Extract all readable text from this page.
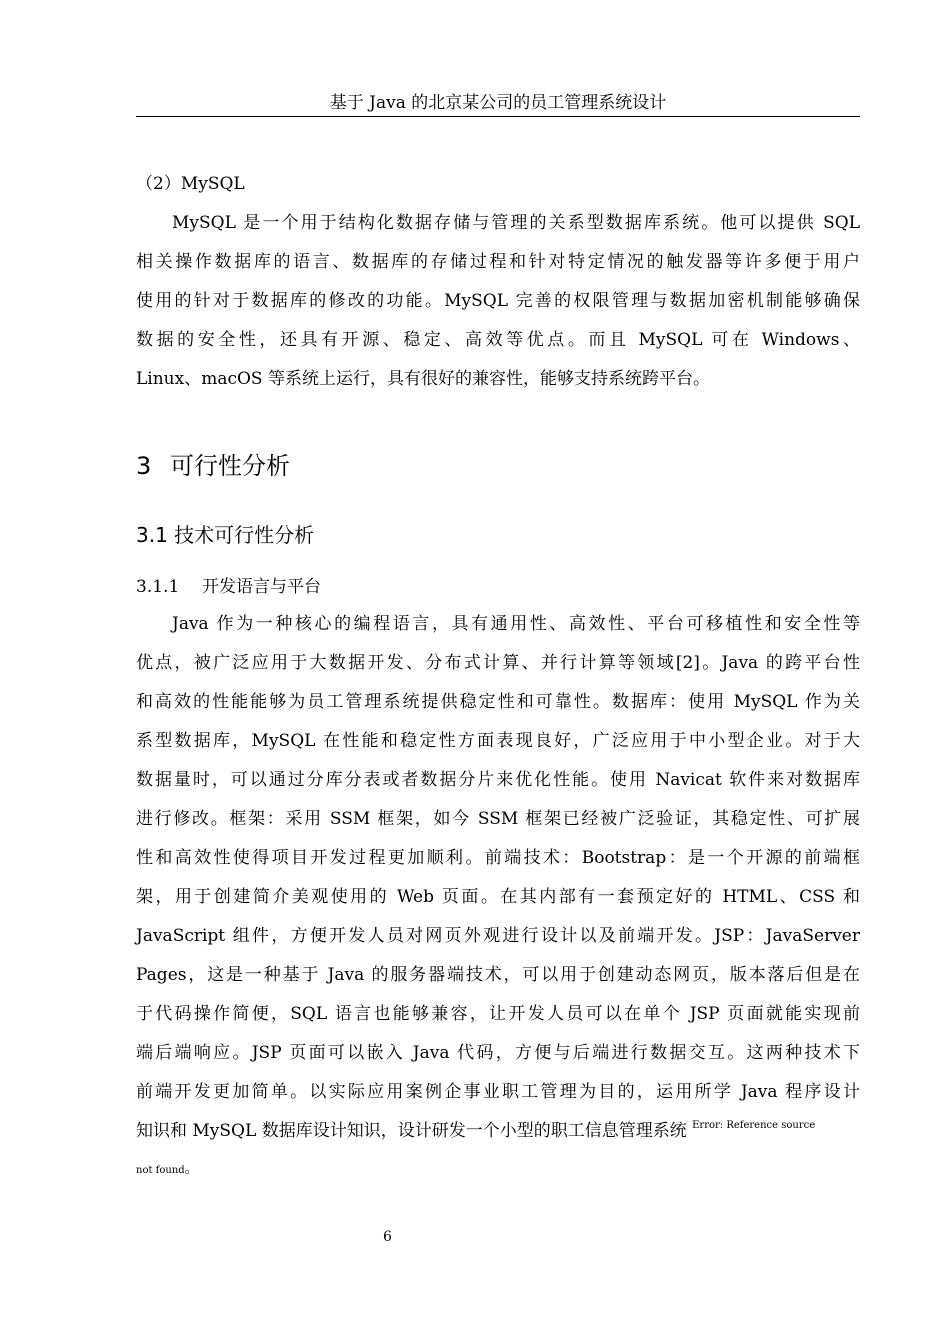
基于 Java 的北京某公司的员工管理系统设计
（2）MySQL
MySQL 是一个用于结构化数据存储与管理的关系型数据库系统。他可以提供 SQL
相关操作数据库的语言、数据库的存储过程和针对特定情况的触发器等许多便于用户
使用的针对于数据库的修改的功能。MySQL 完善的权限管理与数据加密机制能够确保
数据的安全性，还具有开源、稳定、高效等优点。而且 MySQL 可在 Windows、
Linux、macOS 等系统上运行，具有很好的兼容性，能够支持系统跨平台。
3 可行性分析
3.1 技术可行性分析
3.1.1 开发语言与平台
Java 作为一种核心的编程语言，具有通用性、高效性、平台可移植性和安全性等
优点，被广泛应用于大数据开发、分布式计算、并行计算等领域[2]。Java 的跨平台性
和高效的性能能够为员工管理系统提供稳定性和可靠性。数据库：使用 MySQL 作为关
系型数据库，MySQL 在性能和稳定性方面表现良好，广泛应用于中小型企业。对于大
数据量时，可以通过分库分表或者数据分片来优化性能。使用 Navicat 软件来对数据库
进行修改。框架：采用 SSM 框架，如今 SSM 框架已经被广泛验证，其稳定性、可扩展
性和高效性使得项目开发过程更加顺利。前端技术：Bootstrap：是一个开源的前端框
架，用于创建简介美观使用的 Web 页面。在其内部有一套预定好的 HTML、CSS 和
JavaScript 组件，方便开发人员对网页外观进行设计以及前端开发。JSP：JavaServer
Pages，这是一种基于 Java 的服务器端技术，可以用于创建动态网页，版本落后但是在
于代码操作简便，SQL 语言也能够兼容，让开发人员可以在单个 JSP 页面就能实现前
端后端响应。JSP 页面可以嵌入 Java 代码，方便与后端进行数据交互。这两种技术下
前端开发更加简单。以实际应用案例企事业职工管理为目的，运用所学 Java 程序设计
知识和 MySQL 数据库设计知识，设计研发一个小型的职工信息管理系统 $^{Error: Reference source}$
not found。
6
